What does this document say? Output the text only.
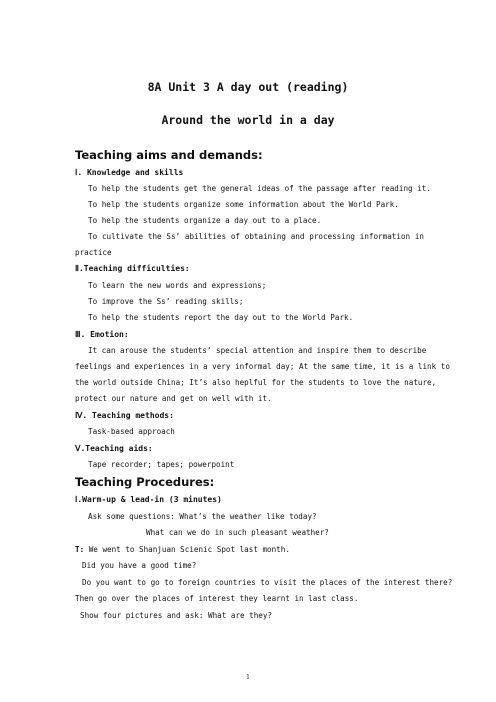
8A Unit 3 A day out (reading)
Around the world in a day
Teaching aims and demands:
Ⅰ. Knowledge and skills
To help the students get the general ideas of the passage after reading it.
To help the students organize some information about the World Park.
To help the students organize a day out to a place.
To cultivate the Ss’ abilities of obtaining and processing information in
practice
Ⅱ.Teaching difficulties:
To learn the new words and expressions;
To improve the Ss’ reading skills;
To help the students report the day out to the World Park.
Ⅲ. Emotion:
It can arouse the students’ special attention and inspire them to describe
feelings and experiences in a very informal day; At the same time, it is a link to
the world outside China; It’s also heplful for the students to love the nature,
protect our nature and get on well with it.
Ⅳ. Teaching methods:
Task-based approach
Ⅴ.Teaching aids:
Tape recorder; tapes; powerpoint
Teaching Procedures:
Ⅰ.Warm-up & lead-in (3 minutes)
Ask some questions: What’s the weather like today?
What can we do in such pleasant weather?
T: We went to Shanjuan Scienic Spot last month.
Did you have a good time?
Do you want to go to foreign countries to visit the places of the interest there?
Then go over the places of interest they learnt in last class.
Show four pictures and ask: What are they?
1
